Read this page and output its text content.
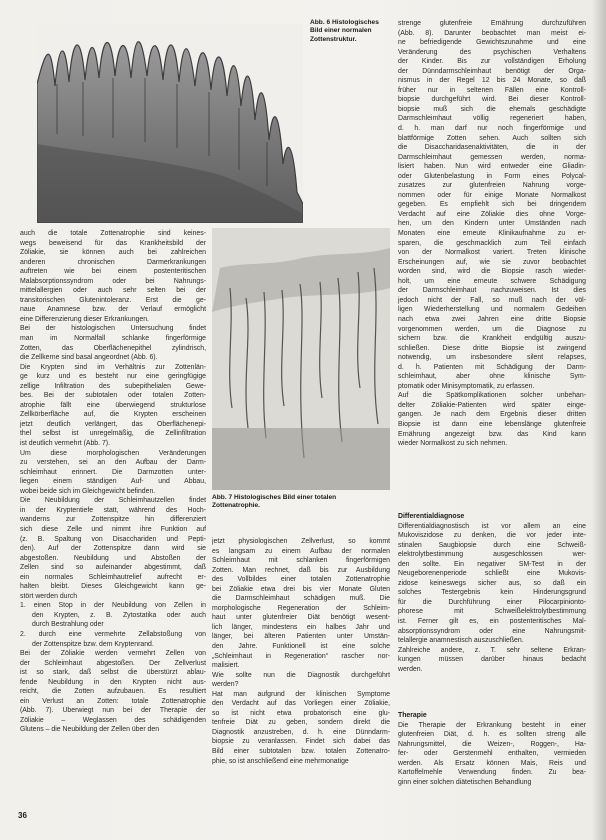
Abb. 6 Histologisches
Bild einer normalen
Zottenstruktur.
Abb. 7 Histologisches Bild einer totalen
Zottenatrophie.

auch die totale Zottenatrophie sind keines-

wegs beweisend für das Krankheitsbild der

Zöliakie, sie können auch bei zahlreichen

anderen chronischen Darmerkrankungen

auftreten wie bei einem postenteritischen

Malabsorptionssyndrom oder bei Nahrungs-

mittelallergien oder auch sehr selten bei der

transitorischen Glutenintoleranz. Erst die ge-

naue Anamnese bzw. der Verlauf ermöglicht

eine Differenzierung dieser Erkrankungen.

Bei der histologischen Untersuchung findet

man im Normalfall schlanke fingerförmige

Zotten, das Oberflächenepithel zylindrisch,

die Zellkerne sind basal angeordnet (Abb. 6).

Die Krypten sind im Verhältnis zur Zottenlän-

ge kurz und es besteht nur eine geringfügige

zellige Infiltration des subepithelialen Gewe-

bes. Bei der subtotalen oder totalen Zotten-

atrophie fällt eine überwiegend strukturlose

Zellkörberfläche auf, die Krypten erscheinen

jetzt deutlich verlängert, das Oberflächenepi-

thel selbst ist unregelmäßig, die Zellinfiltration

ist deutlich vermehrt (Abb. 7).

Um diese morphologischen Veränderungen

zu verstehen, sei an den Aufbau der Darm-

schleimhaut erinnert. Die Darmzotten unter-

liegen einem ständigen Auf- und Abbau,

wobei beide sich im Gleichgewicht befinden.

Die Neubildung der Schleimhautzellen findet

in der Kryptentiefe statt, während des Hoch-

wanderns zur Zottenspitze hin differenziert

sich diese Zelle und nimmt ihre Funktion auf

(z. B. Spaltung von Disacchariden und Pepti-

den). Auf der Zottenspitze dann wird sie

abgestoßen. Neubildung und Abstoßen der

Zellen sind so aufeinander abgestimmt, daß

ein normales Schleimhautrelief aufrecht er-

halten bleibt. Dieses Gleichgewicht kann ge-

stört werden durch

1. einen Stop in der Neubildung von Zellen in

den Krypten, z. B. Zytostatika oder auch

durch Bestrahlung oder

2. durch eine vermehrte Zellabstoßung von

der Zottenspitze bzw. dem Kryptenrand.

Bei der Zöliakie werden vermehrt Zellen von

der Schleimhaut abgestoßen. Der Zellverlust

ist so stark, daß selbst die überstürzt ablau-

fende Neubildung in den Krypten nicht aus-

reicht, die Zotten aufzubauen. Es resultiert

ein Verlust an Zotten: totale Zottenatrophie

(Abb. 7). Überwiegt nun bei der Therapie der

Zöliakie – Weglassen des schädigenden

Glutens – die Neubildung der Zellen über den

jetzt physiologischen Zellverlust, so kommt

es langsam zu einem Aufbau der normalen

Schleimhaut mit schlanken fingerförmigen

Zotten. Man rechnet, daß bis zur Ausbildung

des Vollbildes einer totalen Zottenatrophie

bei Zöliakie etwa drei bis vier Monate Gluten

die Darmschleimhaut schädigen muß. Die

morphologische Regeneration der Schleim-

haut unter glutenfreier Diät benötigt wesent-

lich länger, mindestens ein halbes Jahr und

länger, bei älteren Patienten unter Umstän-

den Jahre. Funktionell ist eine solche

„Schleimhaut in Regeneration“ rascher nor-

malisiert.

Wie sollte nun die Diagnostik durchgeführt

werden?

Hat man aufgrund der klinischen Symptome

den Verdacht auf das Vorliegen einer Zöliakie,

so ist nicht etwa probatorisch eine glu-

tenfreie Diät zu geben, sondern direkt die

Diagnostik anzustreben, d. h. eine Dünndarm-

biopsie zu veranlassen. Findet sich dabei das

Bild einer subtotalen bzw. totalen Zottenatro-

phie, so ist anschließend eine mehrmonatige

strenge glutenfreie Ernährung durchzuführen

(Abb. 8). Darunter beobachtet man meist ei-

ne befriedigende Gewichtszunahme und eine

Veränderung des psychischen Verhaltens

der Kinder. Bis zur vollständigen Erholung

der Dünndarmschleimhaut benötigt der Orga-

nismus in der Regel 12 bis 24 Monate, so daß

früher nur in seltenen Fällen eine Kontroll-

biopsie durchgeführt wird. Bei dieser Kontroll-

biopsie muß sich die ehemals geschädigte

Darmschleimhaut völlig regeneriert haben,

d. h. man darf nur noch fingerförmige und

blattförmige Zotten sehen. Auch sollten sich

die Disaccharidasenaktivitäten, die in der

Darmschleimhaut gemessen werden, norma-

lisiert haben. Nun wird entweder eine Gliadin-

oder Glutenbelastung in Form eines Polycal-

zusatzes zur glutenfreien Nahrung vorge-

nommen oder für einige Monate Normalkost

gegeben. Es empfiehlt sich bei dringendem

Verdacht auf eine Zöliakie dies ohne Vorge-

hen, um den Kindern unter Umständen nach

Monaten eine erneute Klinikaufnahme zu er-

sparen, die geschmacklich zum Teil einfach

von der Normalkost variert. Treten klinische

Erscheinungen auf, wie sie zuvor beobachtet

worden sind, wird die Biopsie rasch wieder-

holt, um eine erneute schwere Schädigung

der Darmschleimhaut nachzuweisen. Ist dies

jedoch nicht der Fall, so muß nach der völ-

ligen Wiederherstellung und normalem Gedeihen

nach etwa zwei Jahren eine dritte Biopsie

vorgenommen werden, um die Diagnose zu

sichern bzw. die Krankheit endgültig auszu-

schließen. Diese dritte Biopsie ist zwingend

notwendig, um insbesondere silent relapses,

d. h. Patienten mit Schädigung der Darm-

schleimhaut, aber ohne klinische Sym-

ptomatik oder Minisymptomatik, zu erfassen.

Auf die Spätkomplikationen solcher unbehan-

delter Zöliakie-Patienten wird später einge-

gangen. Je nach dem Ergebnis dieser dritten

Biopsie ist dann eine lebenslänge glutenfreie

Ernährung angezeigt bzw. das Kind kann

wieder Normalkost zu sich nehmen.

Differentialdiagnose

Differentialdiagnostisch ist vor allem an eine

Mukoviszidose zu denken, die vor jeder inte-

stinalen Saugbiopsie durch eine Schweiß-

elektrolytbestimmung ausgeschlossen wer-

den sollte. Ein negativer SM-Test in der

Neugeborenenperiode schließt eine Mukovis-

zidose keineswegs sicher aus, so daß ein

solches Testergebnis kein Hinderungsgrund

für die Durchführung einer Pilocarpinionto-

phorese mit Schweißelektrolytbestimmung

ist. Ferner gilt es, ein postenteritisches Mal-

absorptionssyndrom oder eine Nahrungsmit-

telallergie anamnestisch auszuschließen.

Zahlreiche andere, z. T. sehr seltene Erkran-

kungen müssen darüber hinaus bedacht

werden.

Therapie

Die Therapie der Erkrankung besteht in einer

glutenfreien Diät, d. h. es sollten streng alle

Nahrungsmittel, die Weizen-, Roggen-, Ha-

fer- oder Gerstenmehl enthalten, vermieden

werden. Als Ersatz können Mais, Reis und

Kartoffelmehle Verwendung finden. Zu bea-

ginn einer solchen diätetischen Behandlung

36
